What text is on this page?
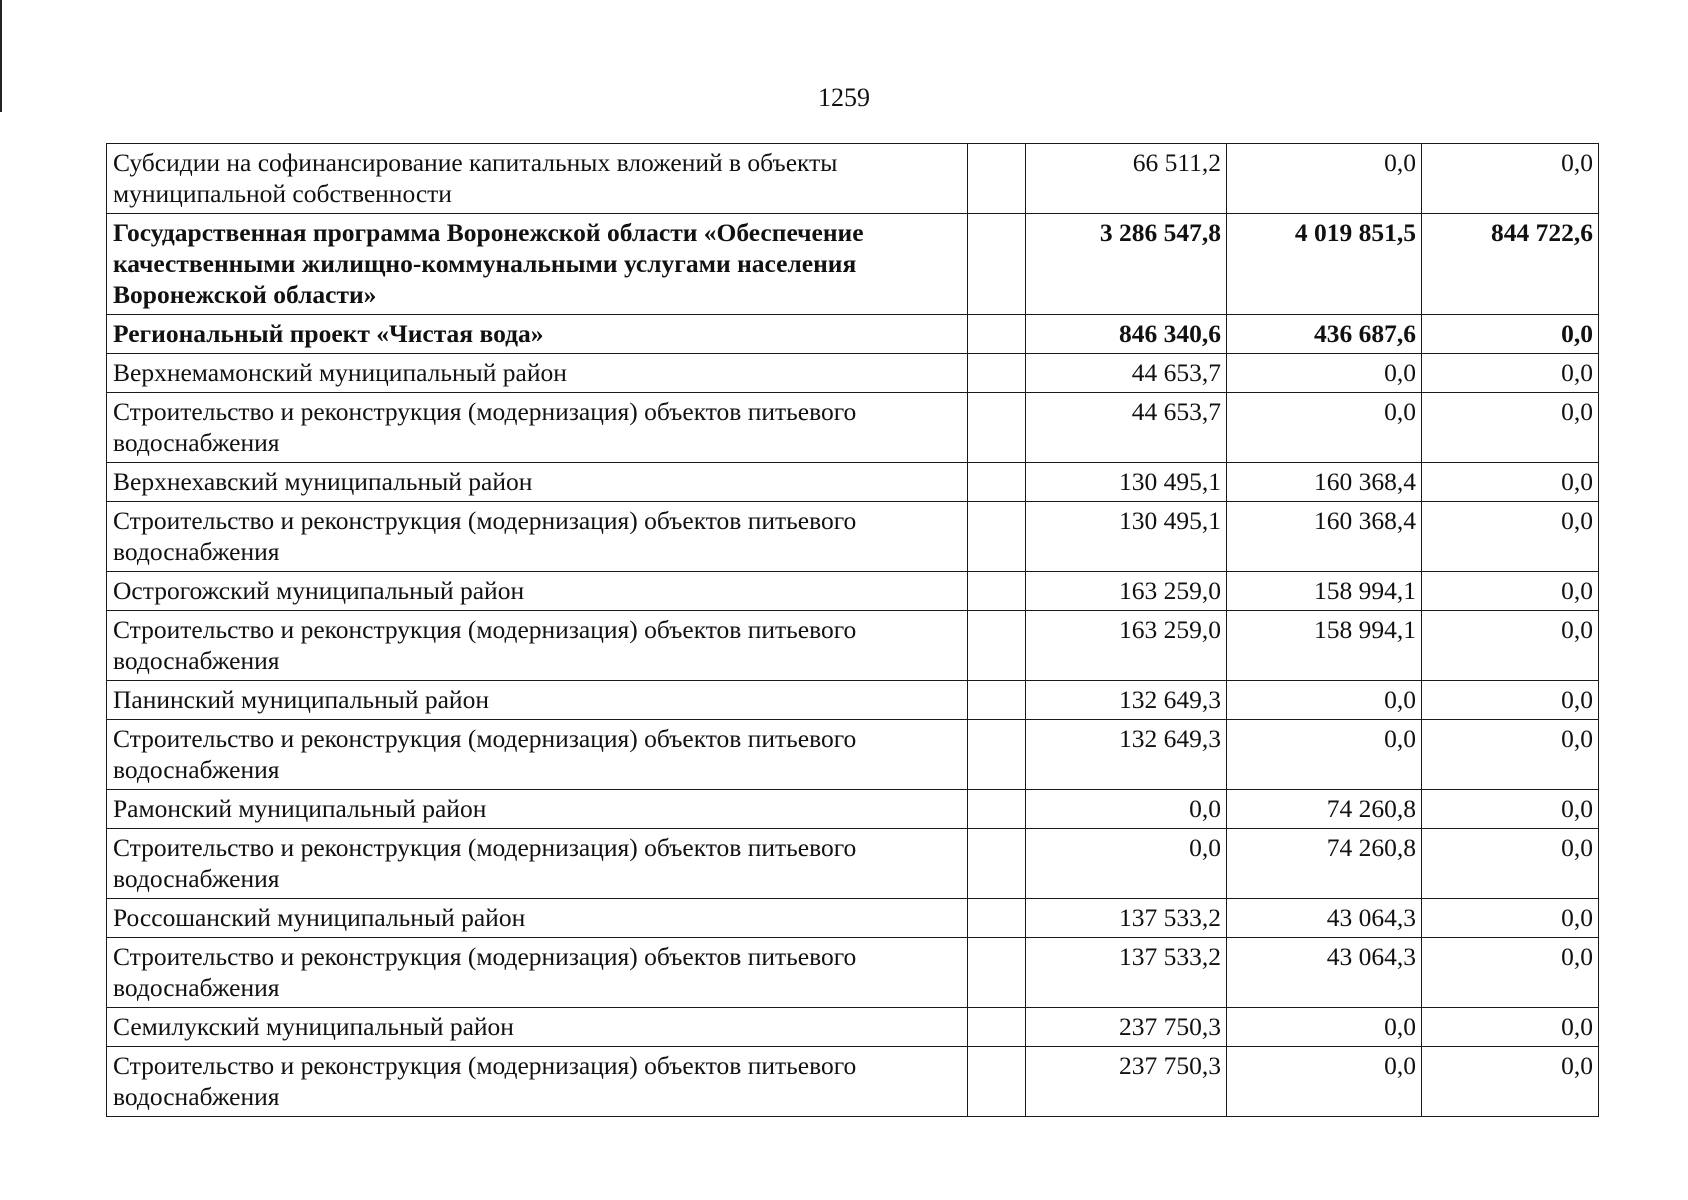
1259
Субсидии на софинансирование капитальных вложений в объекты муниципальной собственности		66 511,2	0,0	0,0
Государственная программа Воронежской области «Обеспечение качественными жилищно-коммунальными услугами населения Воронежской области»		3 286 547,8	4 019 851,5	844 722,6
Региональный проект «Чистая вода»		846 340,6	436 687,6	0,0
Верхнемамонский муниципальный район		44 653,7	0,0	0,0
Строительство и реконструкция (модернизация) объектов питьевого водоснабжения		44 653,7	0,0	0,0
Верхнехавский муниципальный район		130 495,1	160 368,4	0,0
Строительство и реконструкция (модернизация) объектов питьевого водоснабжения		130 495,1	160 368,4	0,0
Острогожский муниципальный район		163 259,0	158 994,1	0,0
Строительство и реконструкция (модернизация) объектов питьевого водоснабжения		163 259,0	158 994,1	0,0
Панинский муниципальный район		132 649,3	0,0	0,0
Строительство и реконструкция (модернизация) объектов питьевого водоснабжения		132 649,3	0,0	0,0
Рамонский муниципальный район		0,0	74 260,8	0,0
Строительство и реконструкция (модернизация) объектов питьевого водоснабжения		0,0	74 260,8	0,0
Россошанский муниципальный район		137 533,2	43 064,3	0,0
Строительство и реконструкция (модернизация) объектов питьевого водоснабжения		137 533,2	43 064,3	0,0
Семилукский муниципальный район		237 750,3	0,0	0,0
Строительство и реконструкция (модернизация) объектов питьевого водоснабжения		237 750,3	0,0	0,0
